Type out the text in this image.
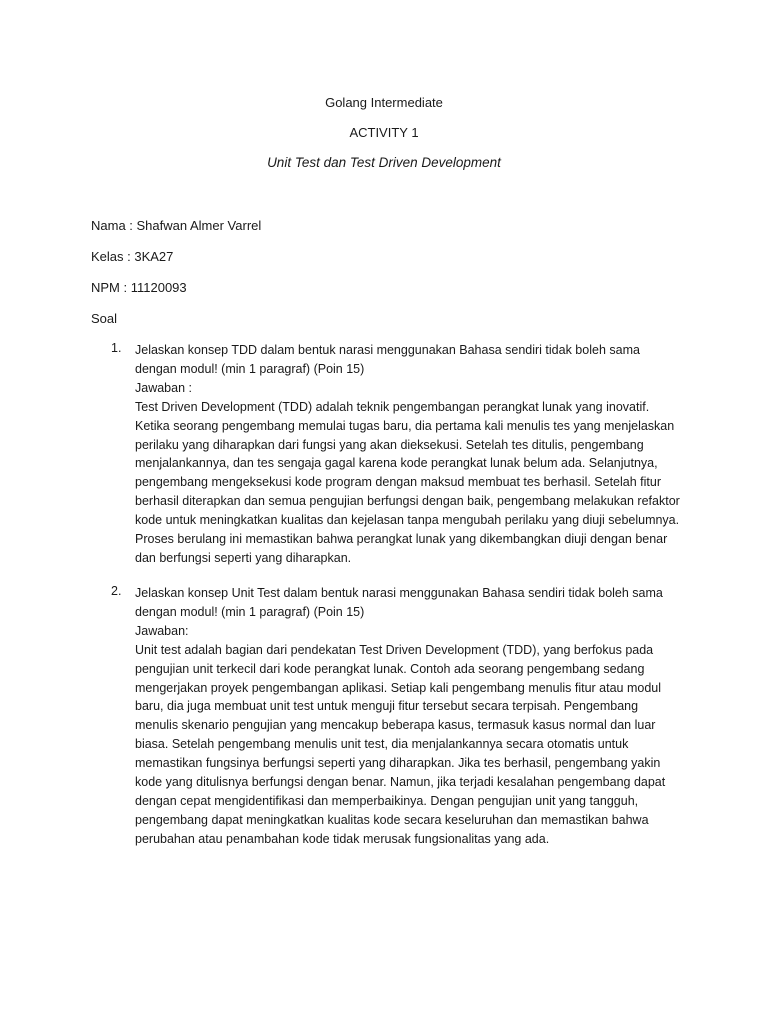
Golang Intermediate
ACTIVITY 1
Unit Test dan Test Driven Development
Nama : Shafwan Almer Varrel
Kelas : 3KA27
NPM : 11120093
Soal
1.	Jelaskan konsep TDD dalam bentuk narasi menggunakan Bahasa sendiri tidak boleh sama dengan modul! (min 1 paragraf) (Poin 15)

Jawaban :

Test Driven Development (TDD) adalah teknik pengembangan perangkat lunak yang inovatif. Ketika seorang pengembang memulai tugas baru, dia pertama kali menulis tes yang menjelaskan perilaku yang diharapkan dari fungsi yang akan dieksekusi. Setelah tes ditulis, pengembang menjalankannya, dan tes sengaja gagal karena kode perangkat lunak belum ada. Selanjutnya, pengembang mengeksekusi kode program dengan maksud membuat tes berhasil. Setelah fitur berhasil diterapkan dan semua pengujian berfungsi dengan baik, pengembang melakukan refaktor kode untuk meningkatkan kualitas dan kejelasan tanpa mengubah perilaku yang diuji sebelumnya. Proses berulang ini memastikan bahwa perangkat lunak yang dikembangkan diuji dengan benar dan berfungsi seperti yang diharapkan.

2.	Jelaskan konsep Unit Test dalam bentuk narasi menggunakan Bahasa sendiri tidak boleh sama dengan modul! (min 1 paragraf) (Poin 15)

Jawaban:

Unit test adalah bagian dari pendekatan Test Driven Development (TDD), yang berfokus pada pengujian unit terkecil dari kode perangkat lunak. Contoh ada seorang pengembang sedang mengerjakan proyek pengembangan aplikasi. Setiap kali pengembang menulis fitur atau modul baru, dia juga membuat unit test untuk menguji fitur tersebut secara terpisah. Pengembang menulis skenario pengujian yang mencakup beberapa kasus, termasuk kasus normal dan luar biasa. Setelah pengembang menulis unit test, dia menjalankannya secara otomatis untuk memastikan fungsinya berfungsi seperti yang diharapkan. Jika tes berhasil, pengembang yakin kode yang ditulisnya berfungsi dengan benar. Namun, jika terjadi kesalahan pengembang dapat dengan cepat mengidentifikasi dan memperbaikinya. Dengan pengujian unit yang tangguh, pengembang dapat meningkatkan kualitas kode secara keseluruhan dan memastikan bahwa perubahan atau penambahan kode tidak merusak fungsionalitas yang ada.
